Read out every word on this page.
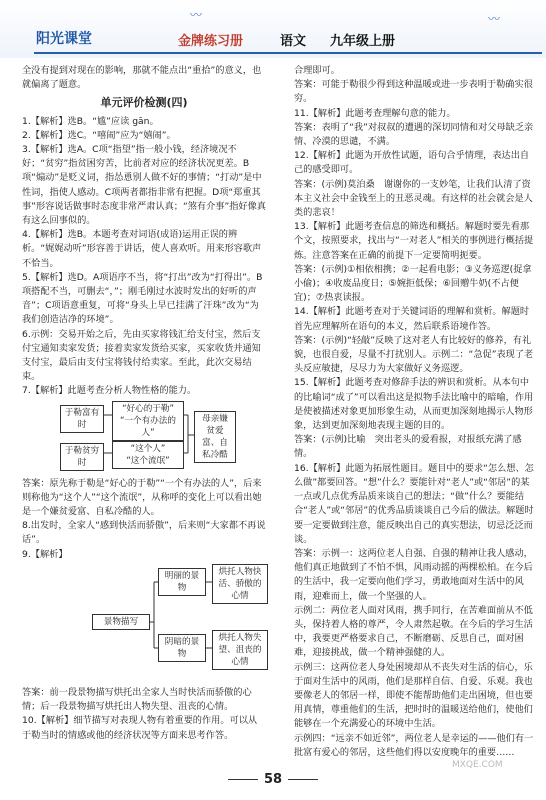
〰	〰
阳光课堂	金牌练习册	语文 九年级上册

全没有提到对现在的影响，那就不能点出“重拾”的意义，也就偏离了题意。

单元评价检测(四)

1.【解析】选B。“尴”应读 gān。

2.【解析】选C。“嘻闹”应为“嬉闹”。

3.【解析】选A。C项“指望”指一般小钱，经济境况不好；“贫穷”指贫困穷苦，比前者对应的经济状况更差。B项“煽动”是贬义词，指怂恿别人做不好的事情；“打动”是中性词，指使人感动。C项两者都指非常有把握。D项“郑重其事”形容说话做事时态度非常严肃认真；“煞有介事”指好像真有这么回事似的。

4.【解析】选B。本题考查对词语(成语)运用正误的辨析。“娓娓动听”形容善于讲话，使人喜欢听。用来形容歌声不恰当。

5.【解析】选D。A项语序不当，将“打出”改为“打得出”。B项搭配不当，可删去“，”；刚毛刚过水波时发出的好听的声音”；C项语意重复，可将“身头上早已挂满了汗珠”改为“为我们创造洁净的环境”。

6.示例：交易开始之后，先由买家将钱汇给支付宝，然后支付宝通知卖家发货；接着卖家发货给买家，买家收货并通知支付宝，最后由支付宝将钱付给卖家。至此，此次交易结束。

7.【解析】此题考查分析人物性格的能力。

于勒富有时
“好心的于勒”
“一个有办法的人”
于勒贫穷时
“这个人”
“这个流氓”
母亲嫌贫爱富、自私冷酷

答案：原先称于勒是“好心的于勒”“一个有办法的人”，后来则称他为“这个人”“这个流氓”，从称呼的变化上可以看出她是一个嫌贫爱富、自私冷酷的人。

8.出发时，全家人“感到快活而骄傲”，后来则“大家都不再说话”。

9.【解析】

景物描写
明丽的景物
烘托人物快活、骄傲的心情
阴暗的景物
烘托人物失望、沮丧的心情

答案：前一段景物描写烘托出全家人当时快活而骄傲的心情；后一段景物描写烘托出人物失望、沮丧的心情。

10.【解析】细节描写对表现人物有着重要的作用。可以从于勒当时的情感或他的经济状况等方面来思考作答。

合理即可。

答案：可能于勒很少得到这种温暖或进一步表明于勒确实很穷。

11.【解析】此题考查理解句意的能力。

答案：表明了“我”对叔叔的遭遇的深切同情和对父母缺乏亲情、冷漠的思谴，不满。

12.【解析】此题为开放性试题，语句合乎情理，表达出自己的感受即可。

答案：(示例)莫泊桑　谢谢你的一支妙笔，让我们认清了资本主义社会中金钱至上的丑恶灵魂。有这样的社会就会是人类的悲哀！

13.【解析】此题考查信息的筛选和概括。解题时要先看那个文，按照要求，找出与“一对老人”相关的事例进行概括提炼。注意答案在正确的前提下一定要简明扼要。

答案：(示例)①相依相携；②一起看电影；③义务巡逻(捉拿小偷)；④收废品度日；⑤婉拒低保；⑥回赠牛奶(不占便宜)；⑦热衷读报。

14.【解析】此题考查对于关键词语的理解和赏析。解题时首先应理解所在语句的本义，然后联系语境作答。

答案：(示例)“轻敲”反映了这对老人有比较好的修养，有礼貌，也很自爱，尽量不打扰别人。示例二：“急促”表现了老头反应敏捷，尽尽力为大家做好义务巡逻。

15.【解析】此题考查对修辞手法的辨识和赏析。从本句中的比喻词“成了”可以看出这是拟物手法比喻中的暗喻，作用是使被描述对象更加形象生动，从而更加深刻地揭示人物形象，达到更加深刻地表现主题的目的。

答案：(示例)比喻　突出老头的爱看报，对报纸充满了感情。

16.【解析】此题为拓展性题目。题目中的要求“怎么想、怎么做”都要回答。“想”什么？要能针对“老人”或“邻居”的某一点或几点优秀品质来谈自己的想法；“做”什么？要能结合“老人”或“邻居”的优秀品质谈谈自己今后的做法。解题时要一定要做到注意，能反映出自己的真实想法，切忌泛泛而谈。

答案：示例一：这两位老人自强、自强的精神让我人感动，他们真正地做到了不怕不惧，风雨动摇的两棵松柏。在今后的生活中，我一定要向他们学习，勇敢地面对生活中的风雨，迎难而上，做一个坚强的人。

示例二：两位老人面对风雨，携手同行，在苦难面前从不低头，保持着人格的尊严，令人肃然起敬。在今后的学习生活中，我要更严格要求自己，不断磨砺、反思自己，面对困难，迎接挑战，做一个精神强健的人。

示例三：这两位老人身处困境却从不丧失对生活的信心，乐于面对生活中的风雨，他们是那样自信、自爱、乐观。我也要像老人的邻居一样，即使不能帮助他们走出困境，但也要用真情，尊重他们的生活，把时时的温暖送给他们，使他们能够在一个充满爱心的环境中生活。

示例四：“远亲不如近邻”，两位老人是幸运的——他们有一批富有爱心的邻居，这些他们得以安度晚年的重要……

58
MXQE.COM
